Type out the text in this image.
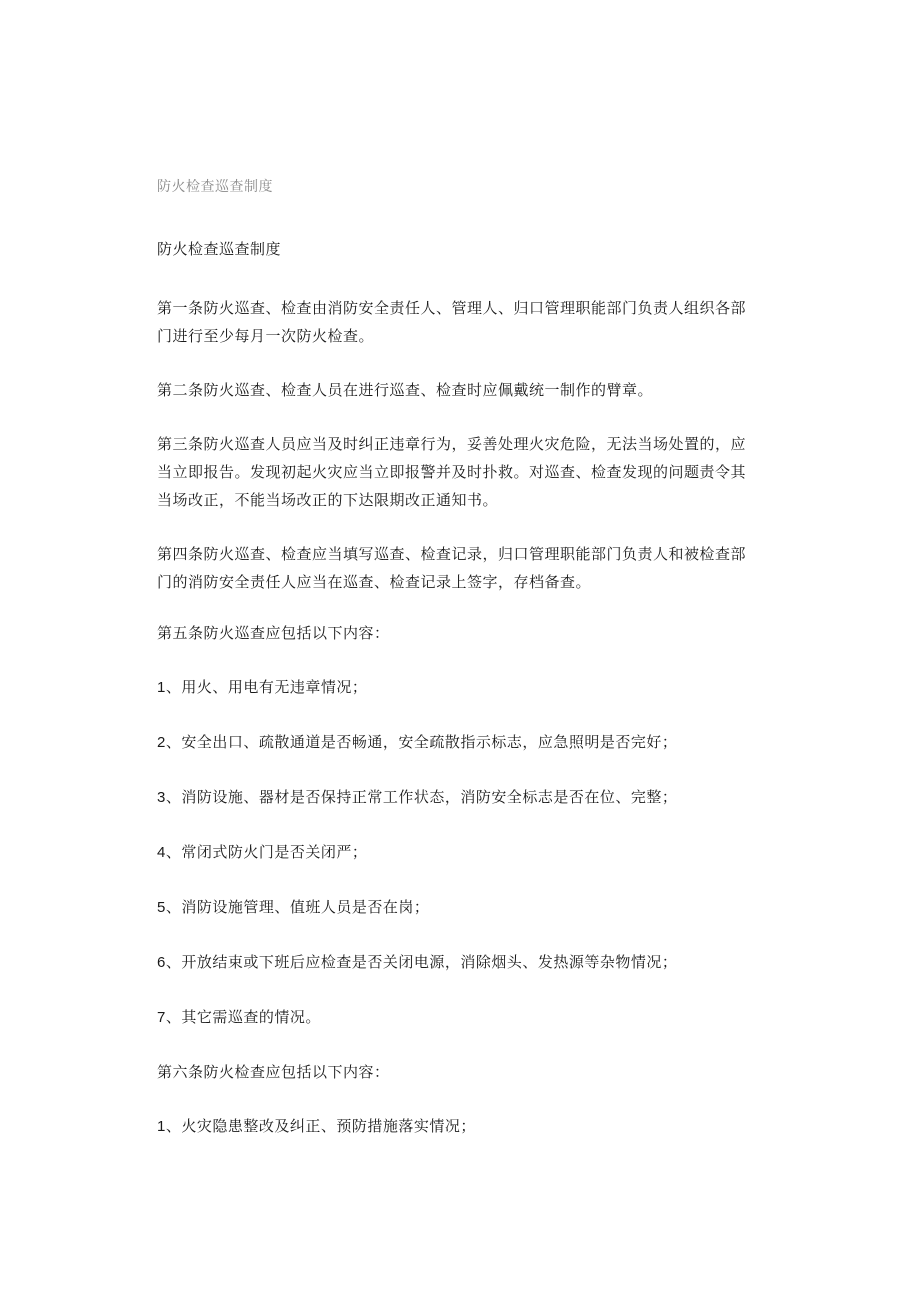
防火检查巡查制度
防火检查巡查制度
第一条防火巡查、检查由消防安全责任人、管理人、归口管理职能部门负责人组织各部门进行至少每月一次防火检查。
第二条防火巡查、检查人员在进行巡查、检查时应佩戴统一制作的臂章。
第三条防火巡查人员应当及时纠正违章行为，妥善处理火灾危险，无法当场处置的，应当立即报告。发现初起火灾应当立即报警并及时扑救。对巡查、检查发现的问题责令其当场改正，不能当场改正的下达限期改正通知书。
第四条防火巡查、检查应当填写巡查、检查记录，归口管理职能部门负责人和被检查部门的消防安全责任人应当在巡查、检查记录上签字，存档备查。
第五条防火巡查应包括以下内容：
1、用火、用电有无违章情况；
2、安全出口、疏散通道是否畅通，安全疏散指示标志，应急照明是否完好；
3、消防设施、器材是否保持正常工作状态，消防安全标志是否在位、完整；
4、常闭式防火门是否关闭严；
5、消防设施管理、值班人员是否在岗；
6、开放结束或下班后应检查是否关闭电源，消除烟头、发热源等杂物情况；
7、其它需巡查的情况。
第六条防火检查应包括以下内容：
1、火灾隐患整改及纠正、预防措施落实情况；
